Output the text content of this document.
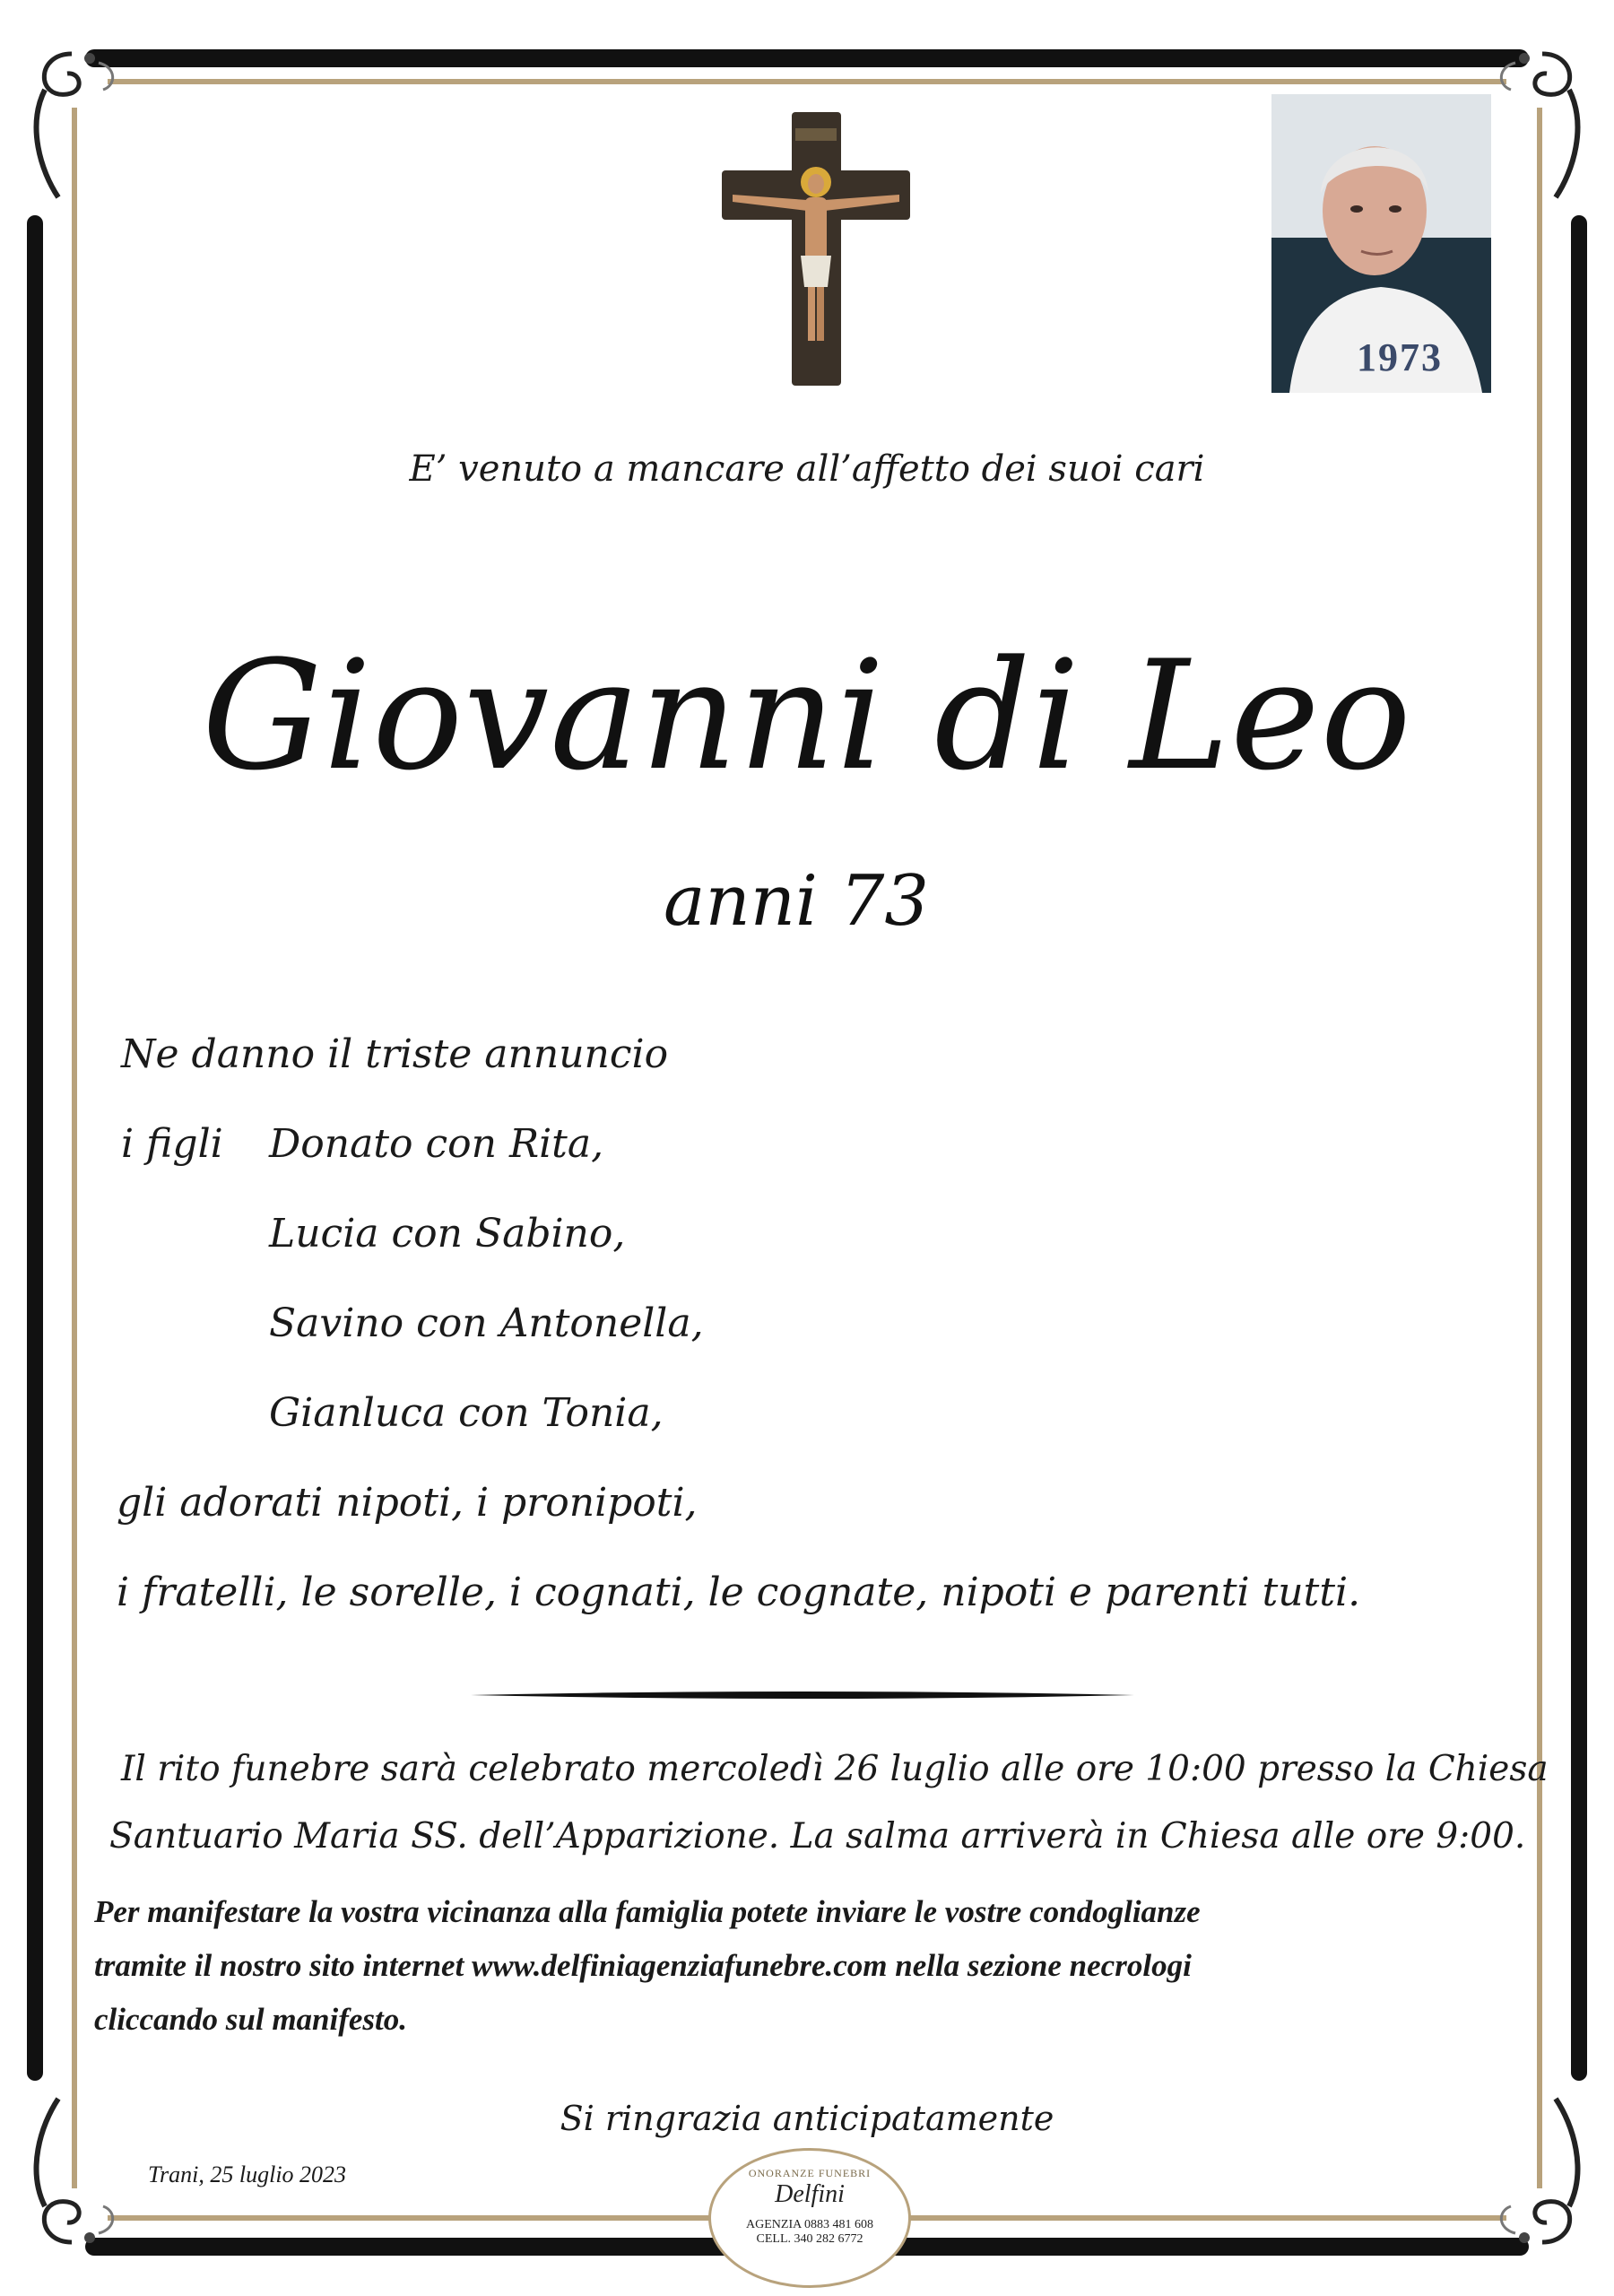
1973
E’ venuto a mancare all’affetto dei suoi cari
Giovanni di Leo
anni 73
Ne danno il triste annuncio
i figli Donato con Rita,
Lucia con Sabino,
Savino con Antonella,
Gianluca con Tonia,
gli adorati nipoti, i pronipoti,
i fratelli, le sorelle, i cognati, le cognate, nipoti e parenti tutti.
Il rito funebre sarà celebrato mercoledì 26 luglio alle ore 10:00 presso la Chiesa
Santuario Maria SS. dell’Apparizione. La salma arriverà in Chiesa alle ore 9:00.
Per manifestare la vostra vicinanza alla famiglia potete inviare le vostre condoglianze
tramite il nostro sito internet www.delfiniagenziafunebre.com nella sezione necrologi
cliccando sul manifesto.
Si ringrazia anticipatamente
Trani, 25 luglio 2023	ONORANZE FUNEBRI
Delfini
AGENZIA 0883 481 608
CELL. 340 282 6772
